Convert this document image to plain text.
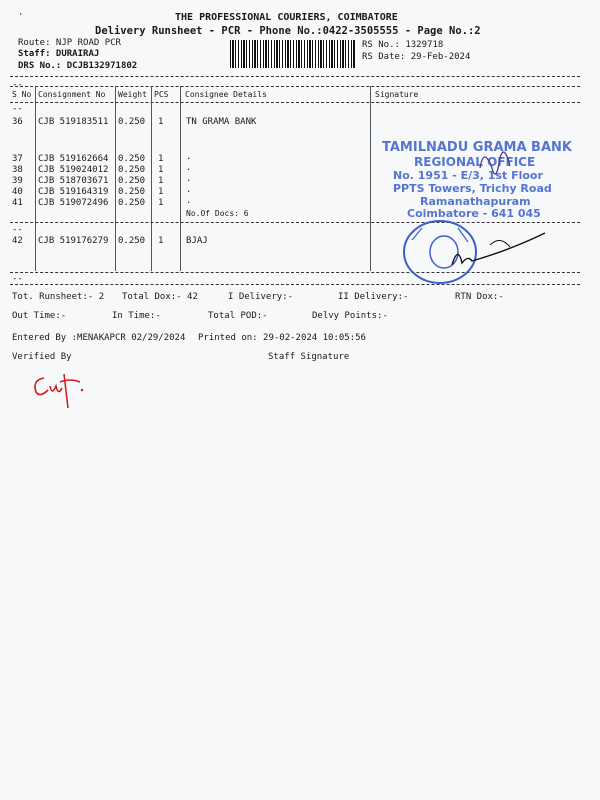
·	THE PROFESSIONAL COURIERS, COIMBATORE
Delivery Runsheet - PCR - Phone No.:0422-3505555 - Page No.:2
Route: NJP ROAD PCR
Staff: DURAIRAJ
DRS No.: DCJB132971802
RS No.: 1329718
RS Date: 29-Feb-2024
--
S No Consignment No Weight PCS Consignee Details	Signature
--
36 CJB 519183511 0.250 1	TN GRAMA BANK
37 CJB 519162664 0.250 1	.
38 CJB 519024012 0.250 1	.
39 CJB 518703671 0.250 1	.
40 CJB 519164319 0.250 1	.
41 CJB 519072496 0.250 1	.
No.Of Docs: 6
--
42 CJB 519176279 0.250 1	BJAJ
--
TAMILNADU GRAMA BANK
REGIONAL OFFICE
No. 1951 - E/3, 1st Floor
PPTS Towers, Trichy Road
Ramanathapuram
Coimbatore - 641 045
Tot. Runsheet:- 2 Total Dox:- 42	I Delivery:-	II Delivery:-	RTN Dox:-
Out Time:-	In Time:-	Total POD:-	Delvy Points:-
Entered By :MENAKAPCR 02/29/2024 Printed on: 29-02-2024 10:05:56
Verified By	Staff Signature
